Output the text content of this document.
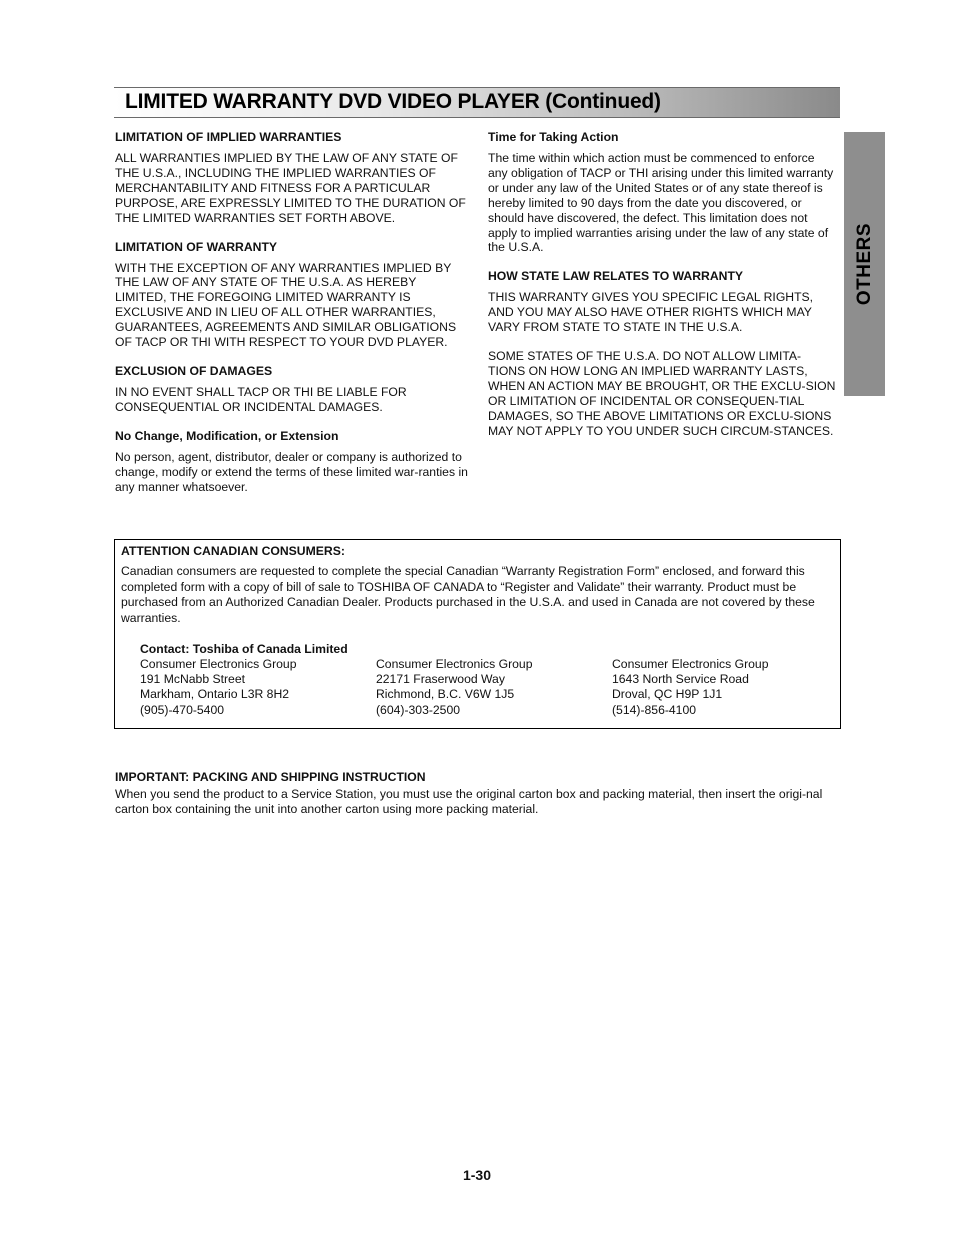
LIMITED WARRANTY DVD VIDEO PLAYER (Continued)
OTHERS
LIMITATION OF IMPLIED WARRANTIES

ALL WARRANTIES IMPLIED BY THE LAW OF ANY STATE OF THE U.S.A., INCLUDING THE IMPLIED WARRANTIES OF MERCHANTABILITY AND FITNESS FOR A PARTICULAR PURPOSE, ARE EXPRESSLY LIMITED TO THE DURATION OF THE LIMITED WARRANTIES SET FORTH ABOVE.

LIMITATION OF WARRANTY

WITH THE EXCEPTION OF ANY WARRANTIES IMPLIED BY THE LAW OF ANY STATE OF THE U.S.A. AS HEREBY LIMITED, THE FOREGOING LIMITED WARRANTY IS EXCLUSIVE AND IN LIEU OF ALL OTHER WARRANTIES, GUARANTEES, AGREEMENTS AND SIMILAR OBLIGATIONS OF TACP OR THI WITH RESPECT TO YOUR DVD PLAYER.

EXCLUSION OF DAMAGES

IN NO EVENT SHALL TACP OR THI BE LIABLE FOR CONSEQUENTIAL OR INCIDENTAL DAMAGES.

No Change, Modification, or Extension

No person, agent, distributor, dealer or company is authorized to change, modify or extend the terms of these limited war-ranties in any manner whatsoever.

Time for Taking Action

The time within which action must be commenced to enforce any obligation of TACP or THI arising under this limited warranty or under any law of the United States or of any state thereof is hereby limited to 90 days from the date you discovered, or should have discovered, the defect. This limitation does not apply to implied warranties arising under the law of any state of the U.S.A.

HOW STATE LAW RELATES TO WARRANTY

THIS WARRANTY GIVES YOU SPECIFIC LEGAL RIGHTS, AND YOU MAY ALSO HAVE OTHER RIGHTS WHICH MAY VARY FROM STATE TO STATE IN THE U.S.A.

SOME STATES OF THE U.S.A. DO NOT ALLOW LIMITA-TIONS ON HOW LONG AN IMPLIED WARRANTY LASTS, WHEN AN ACTION MAY BE BROUGHT, OR THE EXCLU-SION OR LIMITATION OF INCIDENTAL OR CONSEQUEN-TIAL DAMAGES, SO THE ABOVE LIMITATIONS OR EXCLU-SIONS MAY NOT APPLY TO YOU UNDER SUCH CIRCUM-STANCES.

ATTENTION CANADIAN CONSUMERS:

Canadian consumers are requested to complete the special Canadian “Warranty Registration Form” enclosed, and forward this completed form with a copy of bill of sale to TOSHIBA OF CANADA to “Register and Validate” their warranty. Product must be purchased from an Authorized Canadian Dealer. Products purchased in the U.S.A. and used in Canada are not covered by these warranties.

Contact: Toshiba of Canada Limited

Consumer Electronics Group
191 McNabb Street
Markham, Ontario L3R 8H2
(905)-470-5400
Consumer Electronics Group
22171 Fraserwood Way
Richmond, B.C. V6W 1J5
(604)-303-2500
Consumer Electronics Group
1643 North Service Road
Droval, QC H9P 1J1
(514)-856-4100
IMPORTANT: PACKING AND SHIPPING INSTRUCTION

When you send the product to a Service Station, you must use the original carton box and packing material, then insert the origi-nal carton box containing the unit into another carton using more packing material.

1-30
